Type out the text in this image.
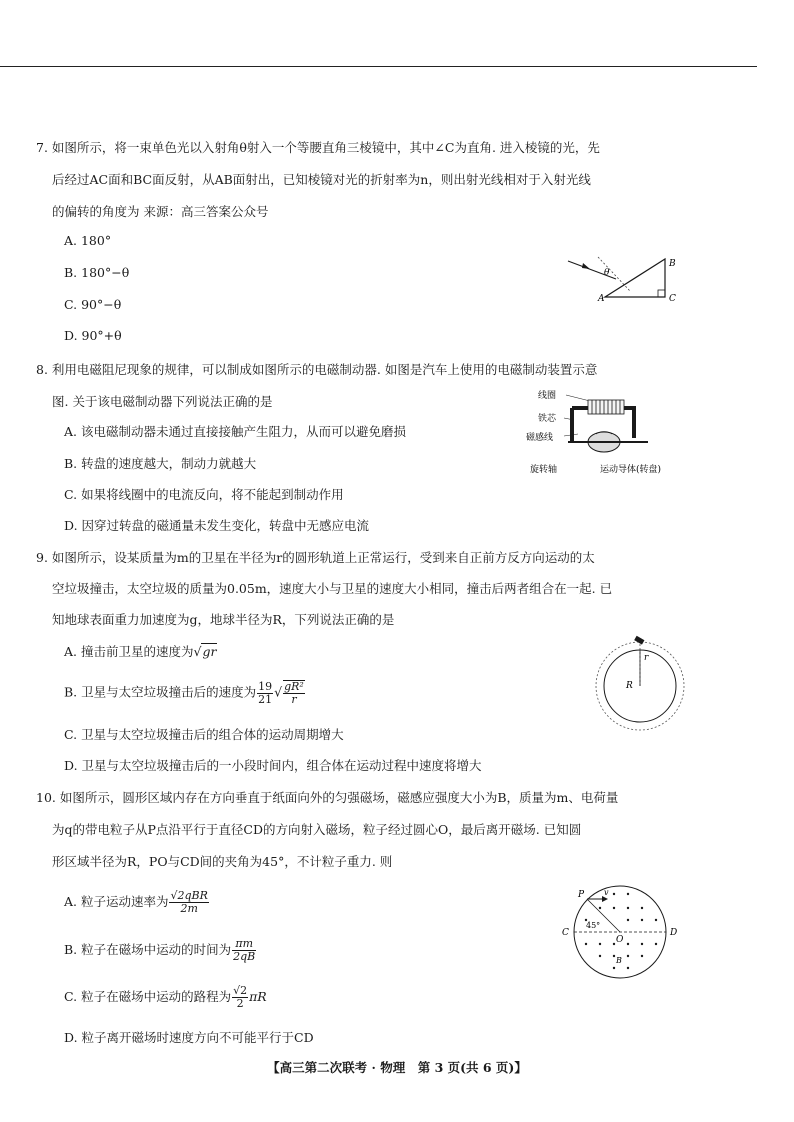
7. 如图所示，将一束单色光以入射角θ射入一个等腰直角三棱镜中，其中∠C为直角. 进入棱镜的光，先
后经过AC面和BC面反射，从AB面射出，已知棱镜对光的折射率为n，则出射光线相对于入射光线
的偏转的角度为 来源：高三答案公众号
A. 180°
B. 180°−θ
C. 90°−θ
D. 90°+θ
θ
A
B
C
8. 利用电磁阻尼现象的规律，可以制成如图所示的电磁制动器. 如图是汽车上使用的电磁制动装置示意
图. 关于该电磁制动器下列说法正确的是
A. 该电磁制动器未通过直接接触产生阻力，从而可以避免磨损
B. 转盘的速度越大，制动力就越大
C. 如果将线圈中的电流反向，将不能起到制动作用
D. 因穿过转盘的磁通量未发生变化，转盘中无感应电流
线圈
铁芯
磁感线
旋转轴	运动导体(转盘)
9. 如图所示，设某质量为m的卫星在半径为r的圆形轨道上正常运行，受到来自正前方反方向运动的太
空垃圾撞击，太空垃圾的质量为0.05m，速度大小与卫星的速度大小相同，撞击后两者组合在一起. 已
知地球表面重力加速度为g，地球半径为R，下列说法正确的是
A. 撞击前卫星的速度为√gr
B. 卫星与太空垃圾撞击后的速度为 $\frac{19}{21}$ √ $\frac{\text{gR²}}{r}$
C. 卫星与太空垃圾撞击后的组合体的运动周期增大
D. 卫星与太空垃圾撞击后的一小段时间内，组合体在运动过程中速度将增大
R
r
10. 如图所示，圆形区域内存在方向垂直于纸面向外的匀强磁场，磁感应强度大小为B，质量为m、电荷量
为q的带电粒子从P点沿平行于直径CD的方向射入磁场，粒子经过圆心O，最后离开磁场. 已知圆
形区域半径为R，PO与CD间的夹角为45°，不计粒子重力. 则
A. 粒子运动速率为 $\frac{\text{√2qBR}}{2m}$
B. 粒子在磁场中运动的时间为 $\frac{\pi m}{2qB}$
C. 粒子在磁场中运动的路程为 $\frac{√2}{2}$ πR
D. 粒子离开磁场时速度方向不可能平行于CD
P v
45°
C	D
O
B
【高三第二次联考 · 物理　第 3 页(共 6 页)】
